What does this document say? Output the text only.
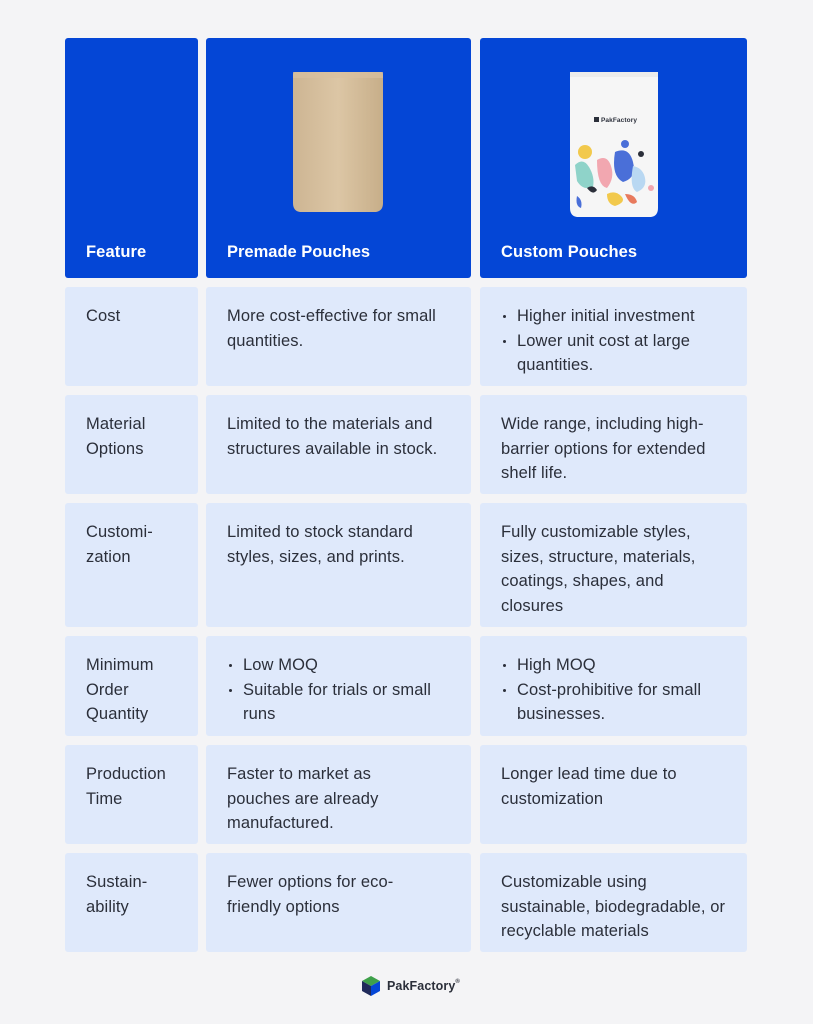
Feature
PakFactory
Custom Pouches
Premade Pouches
Cost	More cost-effective for small quantities.
Higher initial investment
Lower unit cost at large quantities.
Material Options
Limited to the materials and structures available in stock.
Wide range, including high-barrier options for extended shelf life.
Customi-zation
Limited to stock standard styles, sizes, and prints.
Fully customizable styles, sizes, structure, materials, coatings, shapes, and closures
Minimum Order Quantity
Low MOQ
Suitable for trials or small runs
High MOQ
Cost-prohibitive for small businesses.
Production Time
Faster to market as pouches are already manufactured.
Longer lead time due to customization
Sustain-ability
Fewer options for eco-friendly options
Customizable using sustainable, biodegradable, or recyclable materials
PakFactory®
